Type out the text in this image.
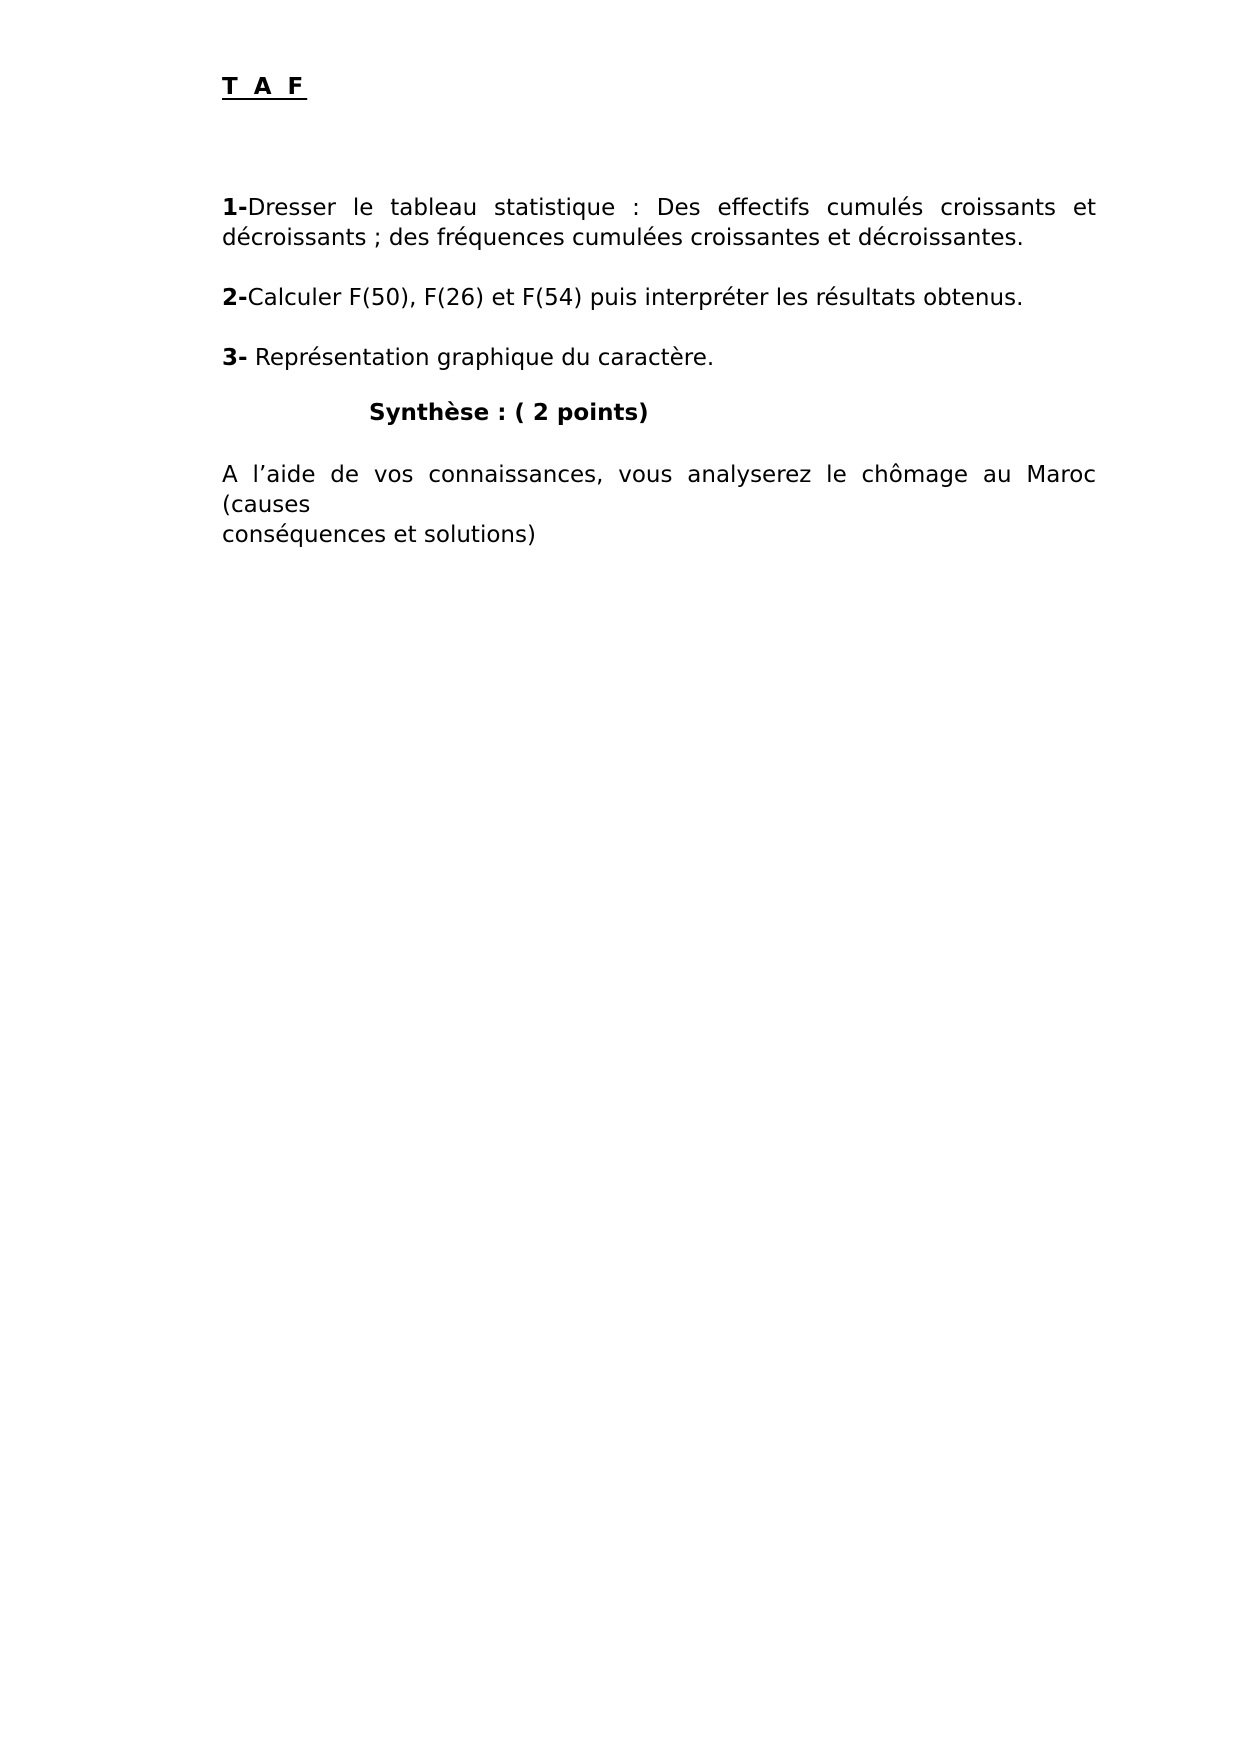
T A F
1-Dresser le tableau statistique : Des effectifs cumulés croissants et
décroissants ; des fréquences cumulées croissantes et décroissantes.
2-Calculer F(50), F(26) et F(54) puis interpréter les résultats obtenus.
3- Représentation graphique du caractère.
Synthèse : ( 2 points)
A l’aide de vos connaissances, vous analyserez le chômage au Maroc (causes
conséquences et solutions)
